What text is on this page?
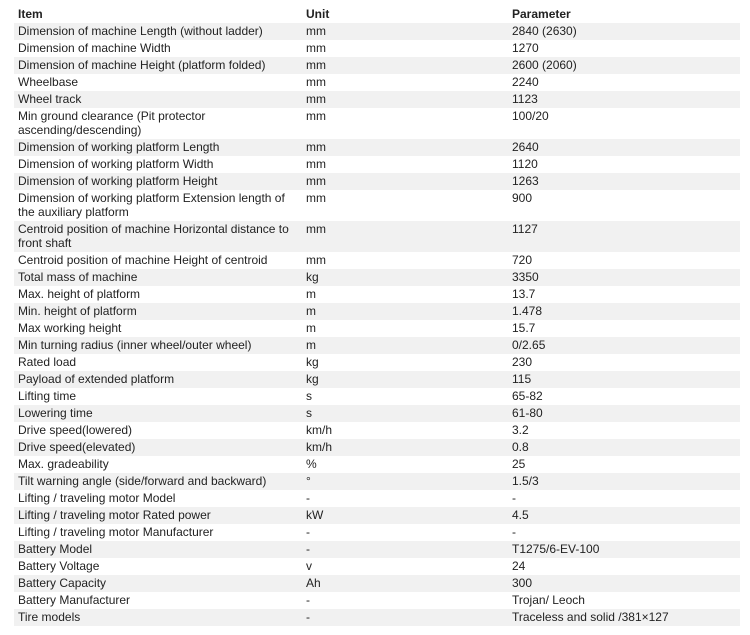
Item	Unit	Parameter
Dimension of machine Length (without ladder)	mm	2840 (2630)
Dimension of machine Width	mm	1270
Dimension of machine Height (platform folded)	mm	2600 (2060)
Wheelbase	mm	2240
Wheel track	mm	1123
Min ground clearance (Pit protector ascending/descending)	mm	100/20
Dimension of working platform Length	mm	2640
Dimension of working platform Width	mm	1120
Dimension of working platform Height	mm	1263
Dimension of working platform Extension length of the auxiliary platform	mm	900
Centroid position of machine Horizontal distance to front shaft	mm	1127
Centroid position of machine Height of centroid	mm	720
Total mass of machine	kg	3350
Max. height of platform	m	13.7
Min. height of platform	m	1.478
Max working height	m	15.7
Min turning radius (inner wheel/outer wheel)	m	0/2.65
Rated load	kg	230
Payload of extended platform	kg	115
Lifting time	s	65-82
Lowering time	s	61-80
Drive speed(lowered)	km/h	3.2
Drive speed(elevated)	km/h	0.8
Max. gradeability	%	25
Tilt warning angle (side/forward and backward)	°	1.5/3
Lifting / traveling motor Model	-	-
Lifting / traveling motor Rated power	kW	4.5
Lifting / traveling motor Manufacturer	-	-
Battery Model	-	T1275/6-EV-100
Battery Voltage	v	24
Battery Capacity	Ah	300
Battery Manufacturer	-	Trojan/ Leoch
Tire models	-	Traceless and solid /381×127
